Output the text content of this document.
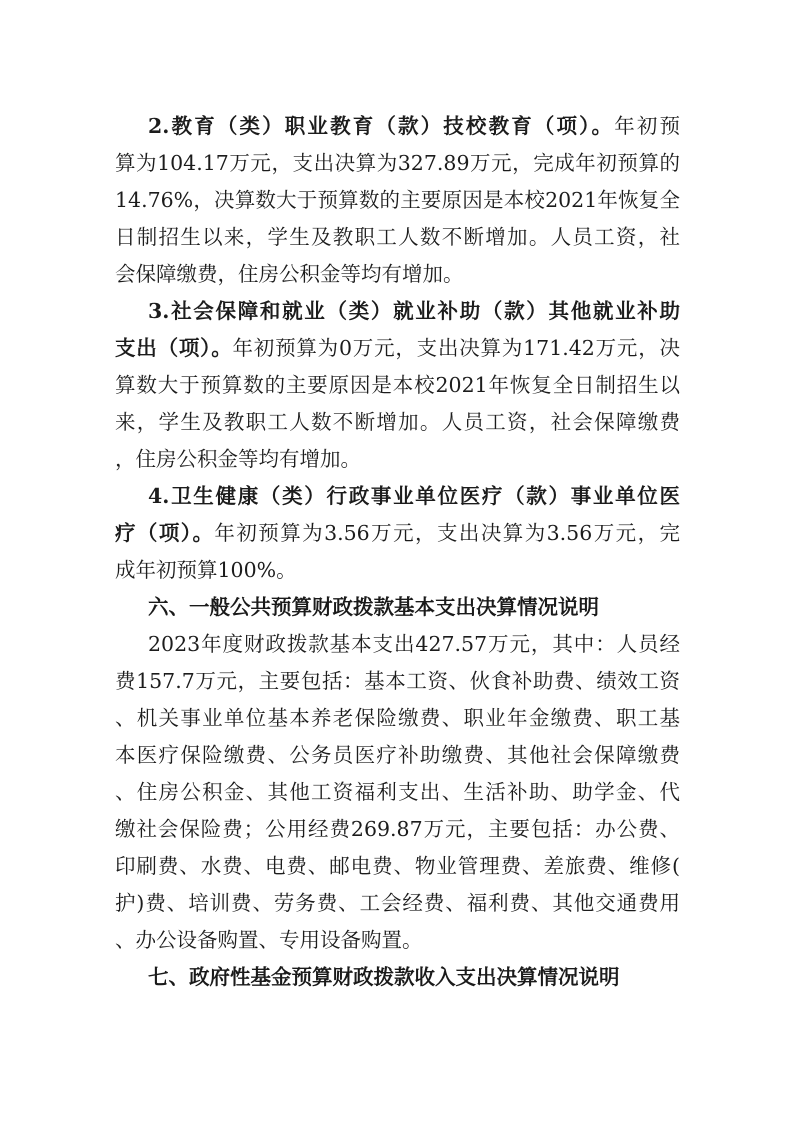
2.教育（类）职业教育（款）技校教育（项）。年初预
算为104.17万元，支出决算为327.89万元，完成年初预算的
14.76%，决算数大于预算数的主要原因是本校2021年恢复全
日制招生以来，学生及教职工人数不断增加。人员工资，社
会保障缴费，住房公积金等均有增加。
3.社会保障和就业（类）就业补助（款）其他就业补助
支出（项）。年初预算为0万元，支出决算为171.42万元，决
算数大于预算数的主要原因是本校2021年恢复全日制招生以
来，学生及教职工人数不断增加。人员工资，社会保障缴费
，住房公积金等均有增加。
4.卫生健康（类）行政事业单位医疗（款）事业单位医
疗（项）。年初预算为3.56万元，支出决算为3.56万元，完
成年初预算100%。
六、一般公共预算财政拨款基本支出决算情况说明
2023年度财政拨款基本支出427.57万元，其中：人员经
费157.7万元，主要包括：基本工资、伙食补助费、绩效工资
、机关事业单位基本养老保险缴费、职业年金缴费、职工基
本医疗保险缴费、公务员医疗补助缴费、其他社会保障缴费
、住房公积金、其他工资福利支出、生活补助、助学金、代
缴社会保险费；公用经费269.87万元，主要包括：办公费、
印刷费、水费、电费、邮电费、物业管理费、差旅费、维修(
护)费、培训费、劳务费、工会经费、福利费、其他交通费用
、办公设备购置、专用设备购置。
七、政府性基金预算财政拨款收入支出决算情况说明
